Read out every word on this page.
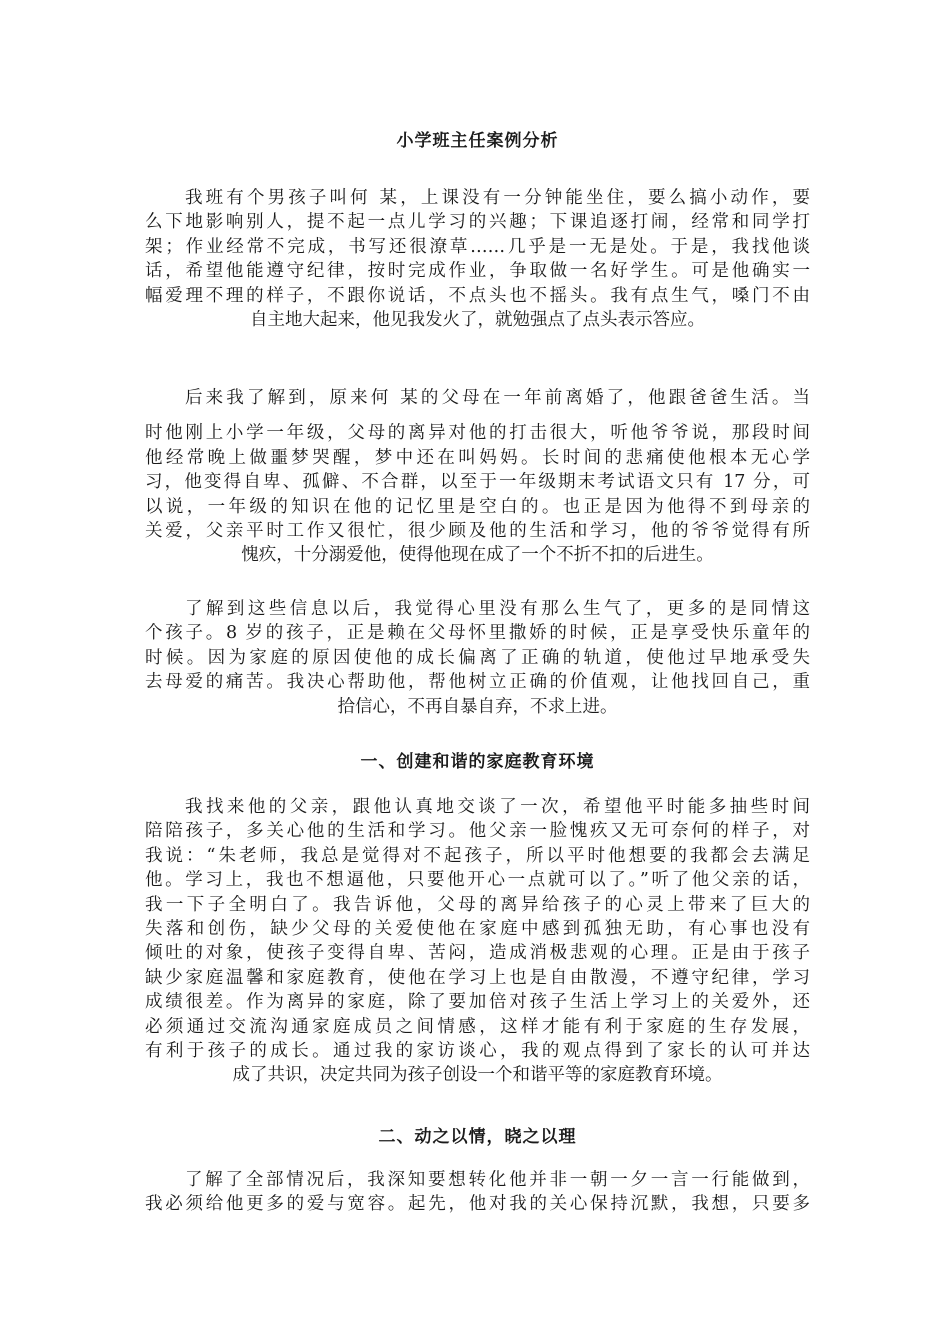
小学班主任案例分析
我班有个男孩子叫何 某，上课没有一分钟能坐住，要么搞小动作，要
么下地影响别人，提不起一点儿学习的兴趣；下课追逐打闹，经常和同学打
架；作业经常不完成，书写还很潦草……几乎是一无是处。于是，我找他谈
话，希望他能遵守纪律，按时完成作业，争取做一名好学生。可是他确实一
幅爱理不理的样子，不跟你说话，不点头也不摇头。我有点生气，嗓门不由
自主地大起来，他见我发火了，就勉强点了点头表示答应。
后来我了解到，原来何 某的父母在一年前离婚了，他跟爸爸生活。当
时他刚上小学一年级，父母的离异对他的打击很大，听他爷爷说，那段时间
他经常晚上做噩梦哭醒，梦中还在叫妈妈。长时间的悲痛使他根本无心学
习，他变得自卑、孤僻、不合群，以至于一年级期末考试语文只有 17 分，可
以说，一年级的知识在他的记忆里是空白的。也正是因为他得不到母亲的
关爱，父亲平时工作又很忙，很少顾及他的生活和学习，他的爷爷觉得有所
愧疚，十分溺爱他，使得他现在成了一个不折不扣的后进生。
了解到这些信息以后，我觉得心里没有那么生气了，更多的是同情这
个孩子。8 岁的孩子，正是赖在父母怀里撒娇的时候，正是享受快乐童年的
时候。因为家庭的原因使他的成长偏离了正确的轨道，使他过早地承受失
去母爱的痛苦。我决心帮助他，帮他树立正确的价值观，让他找回自己，重
拾信心，不再自暴自弃，不求上进。
一、创建和谐的家庭教育环境
我找来他的父亲，跟他认真地交谈了一次，希望他平时能多抽些时间
陪陪孩子，多关心他的生活和学习。他父亲一脸愧疚又无可奈何的样子，对
我说：“朱老师，我总是觉得对不起孩子，所以平时他想要的我都会去满足
他。学习上，我也不想逼他，只要他开心一点就可以了。”听了他父亲的话，
我一下子全明白了。我告诉他，父母的离异给孩子的心灵上带来了巨大的
失落和创伤，缺少父母的关爱使他在家庭中感到孤独无助，有心事也没有
倾吐的对象，使孩子变得自卑、苦闷，造成消极悲观的心理。正是由于孩子
缺少家庭温馨和家庭教育，使他在学习上也是自由散漫，不遵守纪律，学习
成绩很差。作为离异的家庭，除了要加倍对孩子生活上学习上的关爱外，还
必须通过交流沟通家庭成员之间情感，这样才能有利于家庭的生存发展，
有利于孩子的成长。通过我的家访谈心，我的观点得到了家长的认可并达
成了共识，决定共同为孩子创设一个和谐平等的家庭教育环境。
二、动之以情，晓之以理
了解了全部情况后，我深知要想转化他并非一朝一夕一言一行能做到，
我必须给他更多的爱与宽容。起先，他对我的关心保持沉默，我想，只要多
